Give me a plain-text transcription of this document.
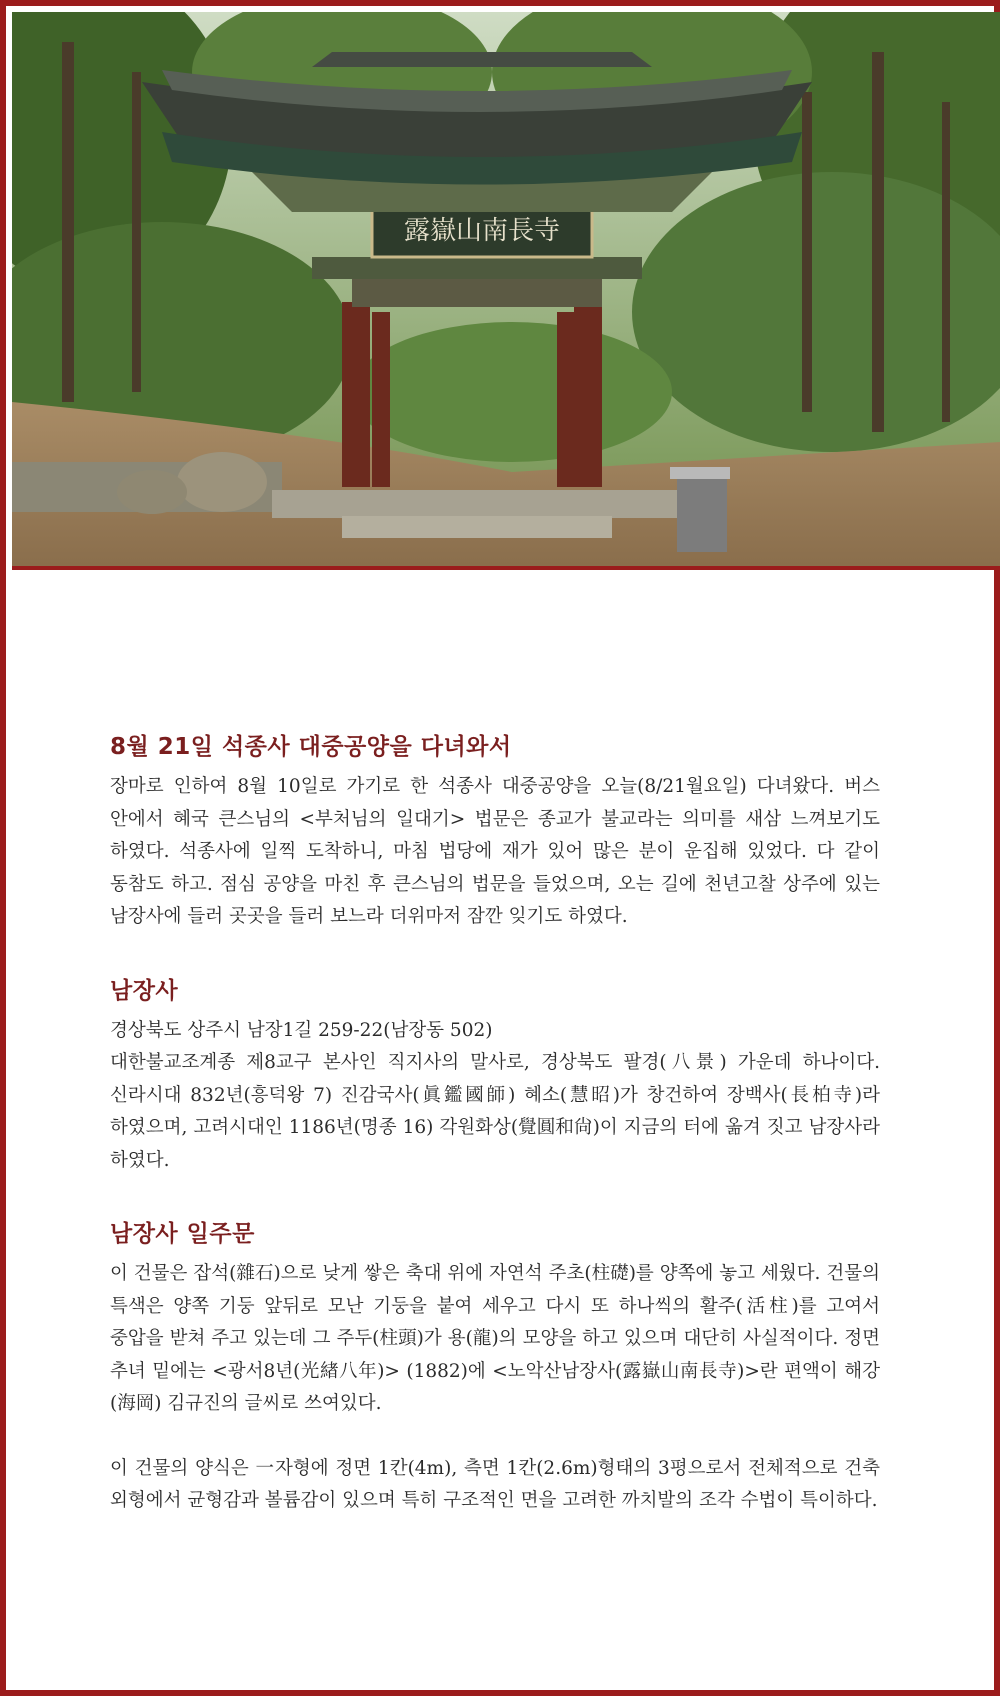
露嶽山南長寺
8월 21일 석종사 대중공양을 다녀와서

장마로 인하여 8월 10일로 가기로 한 석종사 대중공양을 오늘(8/21월요일) 다녀왔다. 버스 안에서 혜국 큰스님의 <부처님의 일대기> 법문은 종교가 불교라는 의미를 새삼 느껴보기도 하였다. 석종사에 일찍 도착하니, 마침 법당에 재가 있어 많은 분이 운집해 있었다. 다 같이 동참도 하고. 점심 공양을 마친 후 큰스님의 법문을 들었으며, 오는 길에 천년고찰 상주에 있는 남장사에 들러 곳곳을 들러 보느라 더위마저 잠깐 잊기도 하였다.

남장사

경상북도 상주시 남장1길 259-22(남장동 502)

대한불교조계종 제8교구 본사인 직지사의 말사로, 경상북도 팔경(八景) 가운데 하나이다. 신라시대 832년(흥덕왕 7) 진감국사(眞鑑國師) 혜소(慧昭)가 창건하여 장백사(長柏寺)라 하였으며, 고려시대인 1186년(명종 16) 각원화상(覺圓和尙)이 지금의 터에 옮겨 짓고 남장사라 하였다.

남장사 일주문

이 건물은 잡석(雜石)으로 낮게 쌓은 축대 위에 자연석 주초(柱礎)를 양쪽에 놓고 세웠다. 건물의 특색은 양쪽 기둥 앞뒤로 모난 기둥을 붙여 세우고 다시 또 하나씩의 활주(活柱)를 고여서 중압을 받쳐 주고 있는데 그 주두(柱頭)가 용(龍)의 모양을 하고 있으며 대단히 사실적이다. 정면 추녀 밑에는 <광서8년(光緖八年)> (1882)에 <노악산남장사(露嶽山南長寺)>란 편액이 해강(海岡) 김규진의 글씨로 쓰여있다.

이 건물의 양식은 一자형에 정면 1칸(4m), 측면 1칸(2.6m)형태의 3평으로서 전체적으로 건축 외형에서 균형감과 볼륨감이 있으며 특히 구조적인 면을 고려한 까치발의 조각 수법이 특이하다.
